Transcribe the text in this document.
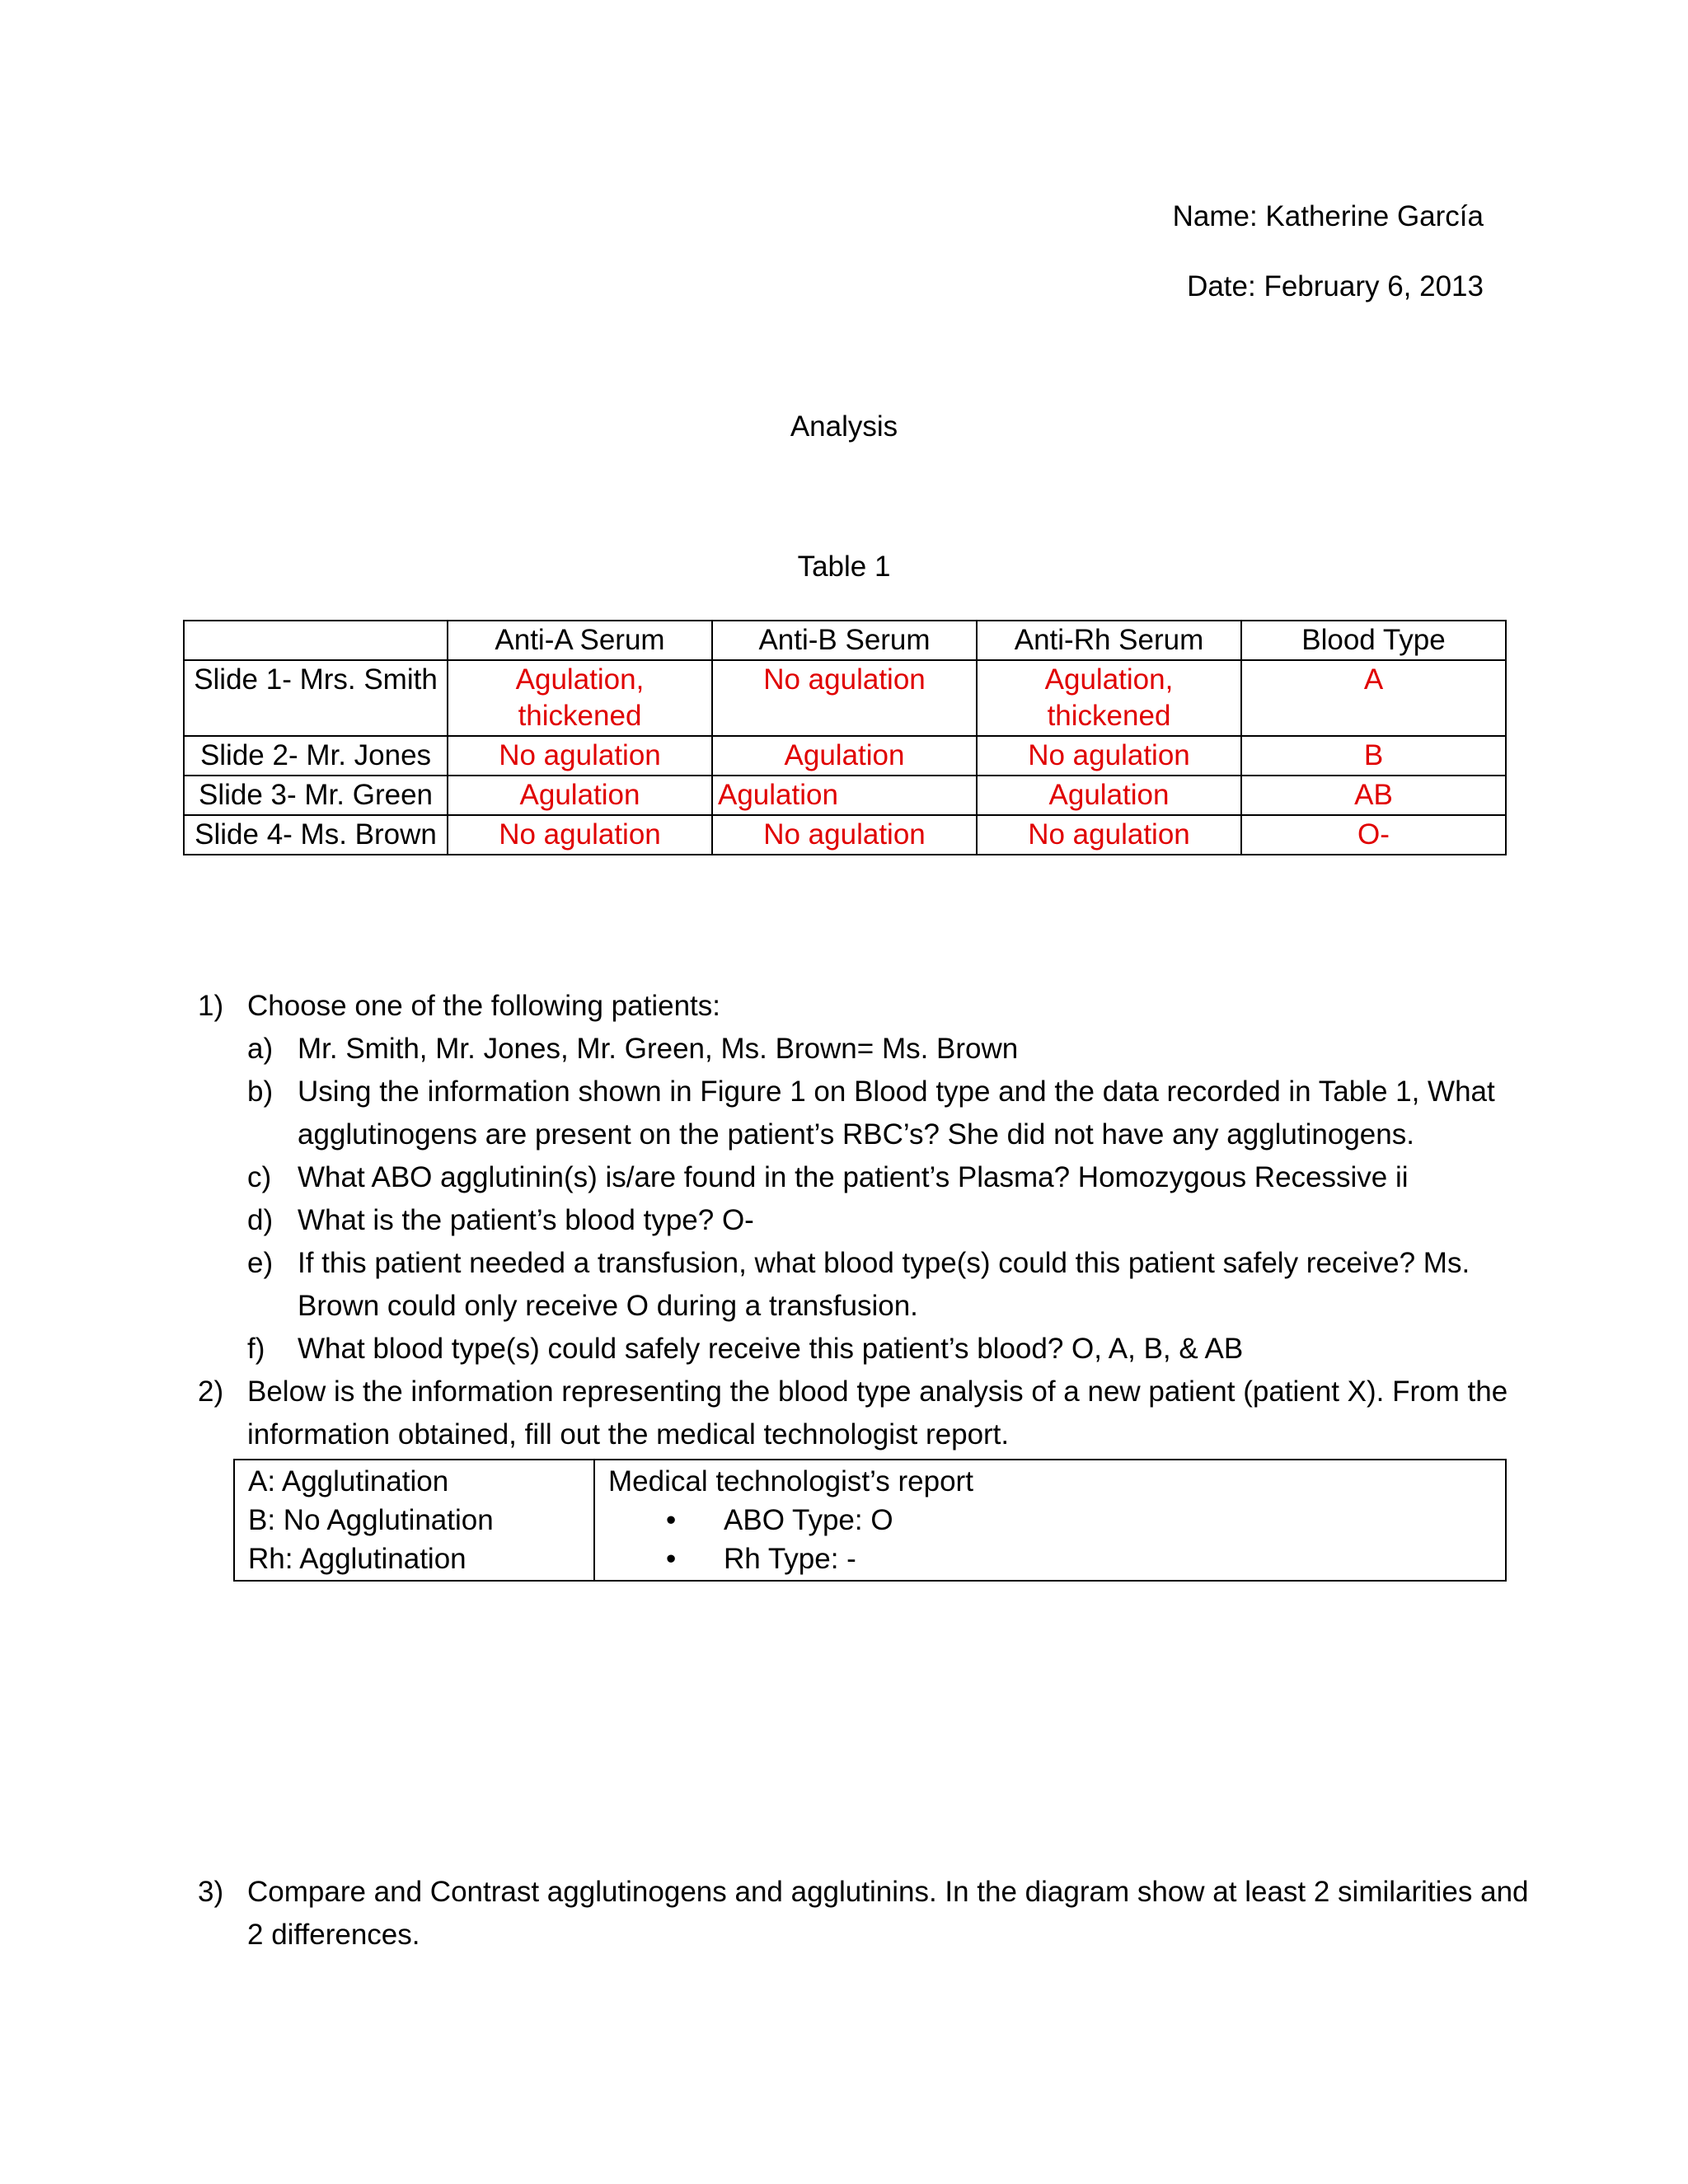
Name: Katherine García
Date: February 6, 2013
Analysis
Table 1
	Anti-A Serum	Anti-B Serum	Anti-Rh Serum	Blood Type
Slide 1- Mrs. Smith	Agulation, thickened	No agulation	Agulation, thickened	A
Slide 2- Mr. Jones	No agulation	Agulation	No agulation	B
Slide 3- Mr. Green	Agulation	Agulation	Agulation	AB
Slide 4- Ms. Brown	No agulation	No agulation	No agulation	O-
1) Choose one of the following patients:
a) Mr. Smith, Mr. Jones, Mr. Green, Ms. Brown= Ms. Brown
b) Using the information shown in Figure 1 on Blood type and the data recorded in Table 1, What
agglutinogens are present on the patient’s RBC’s? She did not have any agglutinogens.
c) What ABO agglutinin(s) is/are found in the patient’s Plasma? Homozygous Recessive ii
d) What is the patient’s blood type? O-
e) If this patient needed a transfusion, what blood type(s) could this patient safely receive? Ms.
Brown could only receive O during a transfusion.
f) What blood type(s) could safely receive this patient’s blood? O, A, B, & AB
2) Below is the information representing the blood type analysis of a new patient (patient X). From the
information obtained, fill out the medical technologist report.
A: Agglutination
B: No Agglutination
Rh: Agglutination

Medical technologist’s report
• ABO Type: O
• Rh Type: -
3) Compare and Contrast agglutinogens and agglutinins. In the diagram show at least 2 similarities and
2 differences.
